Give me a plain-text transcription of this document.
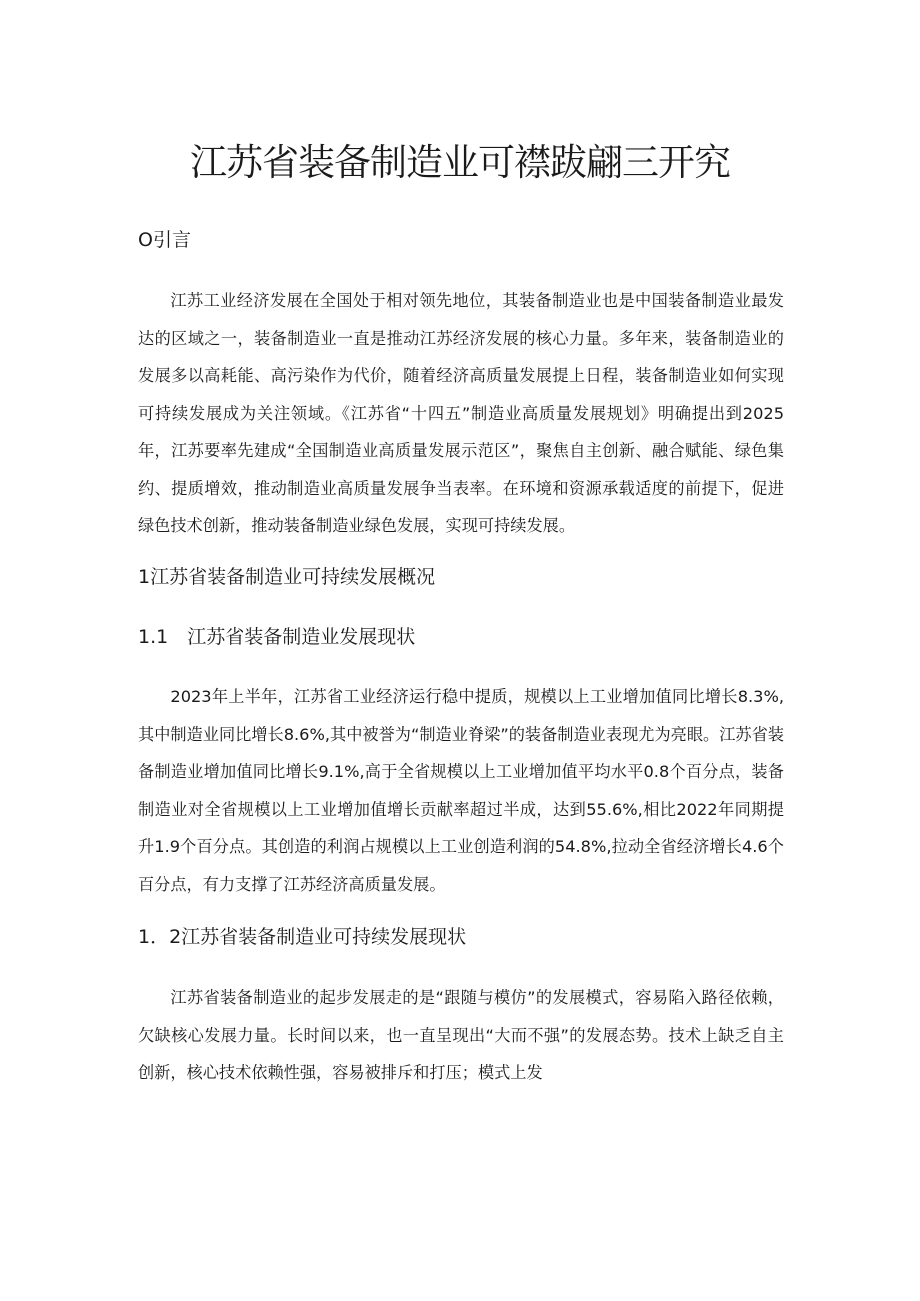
江苏省装备制造业可襟跋翩三开究
O引言

江苏工业经济发展在全国处于相对领先地位，其装备制造业也是中国装备制造业最发达的区域之一，装备制造业一直是推动江苏经济发展的核心力量。多年来，装备制造业的发展多以高耗能、高污染作为代价，随着经济高质量发展提上日程，装备制造业如何实现可持续发展成为关注领域。《江苏省“十四五”制造业高质量发展规划》明确提出到2025年，江苏要率先建成“全国制造业高质量发展示范区”，聚焦自主创新、融合赋能、绿色集约、提质增效，推动制造业高质量发展争当表率。在环境和资源承载适度的前提下，促进绿色技术创新，推动装备制造业绿色发展，实现可持续发展。

1江苏省装备制造业可持续发展概况
1.1　江苏省装备制造业发展现状

2023年上半年，江苏省工业经济运行稳中提质，规模以上工业增加值同比增长8.3%,其中制造业同比增长8.6%,其中被誉为“制造业脊梁”的装备制造业表现尤为亮眼。江苏省装备制造业增加值同比增长9.1%,高于全省规模以上工业增加值平均水平0.8个百分点，装备制造业对全省规模以上工业增加值增长贡献率超过半成，达到55.6%,相比2022年同期提升1.9个百分点。其创造的利润占规模以上工业创造利润的54.8%,拉动全省经济增长4.6个百分点，有力支撑了江苏经济高质量发展。

1．2江苏省装备制造业可持续发展现状

江苏省装备制造业的起步发展走的是“跟随与模仿”的发展模式，容易陷入路径依赖，欠缺核心发展力量。长时间以来，也一直呈现出“大而不强”的发展态势。技术上缺乏自主创新，核心技术依赖性强，容易被排斥和打压；模式上发
